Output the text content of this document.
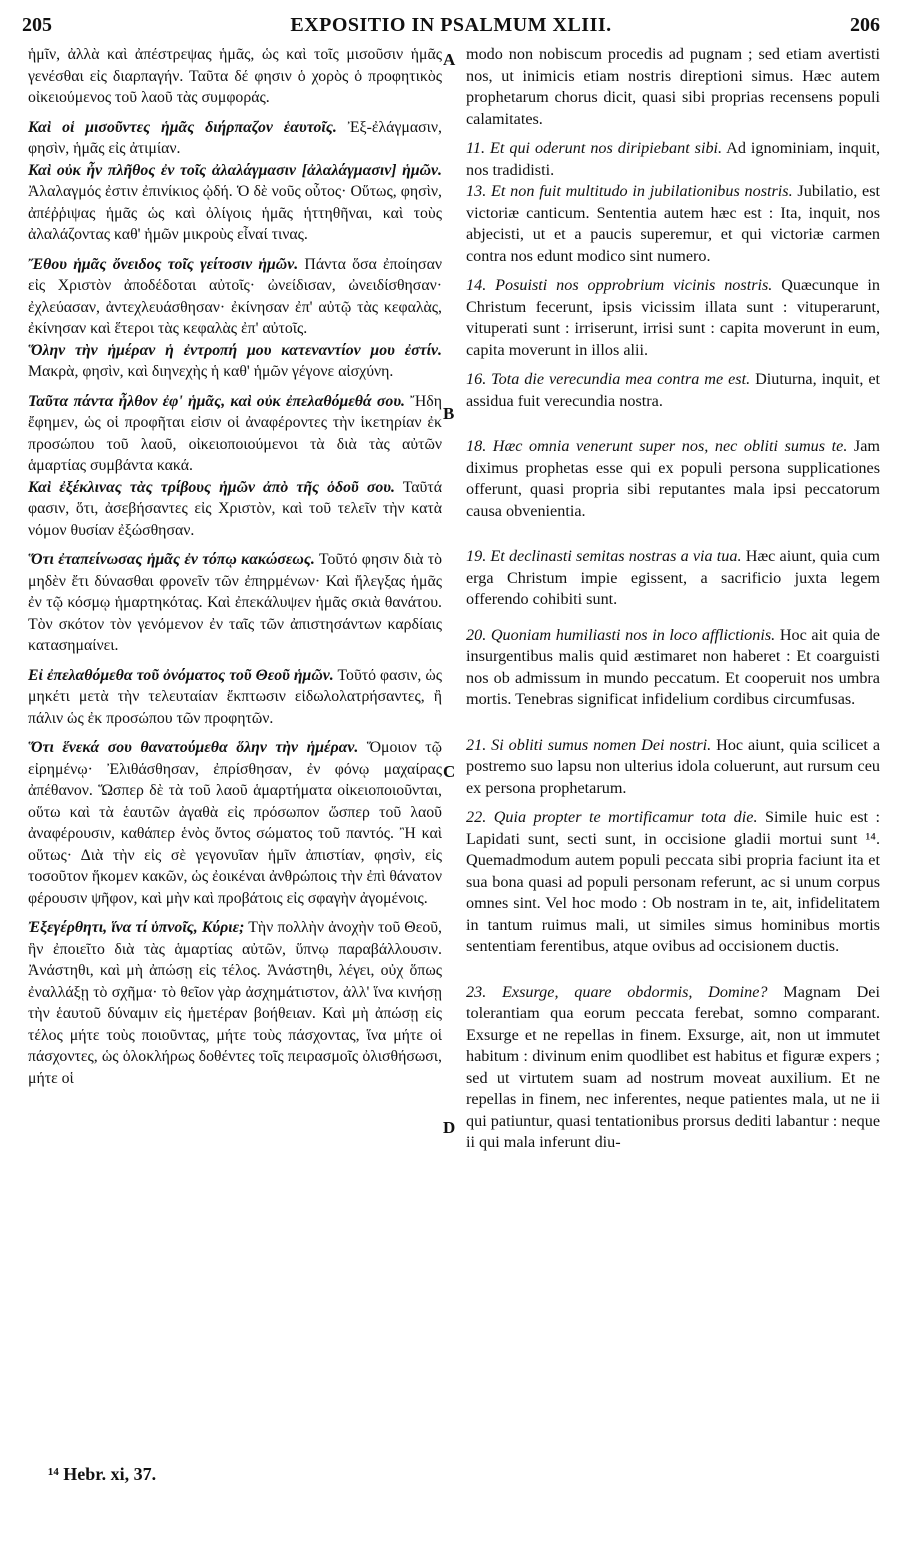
EXPOSITIO IN PSALMUM XLIII.
205	206

ἡμῖν, ἀλλὰ καὶ ἀπέστρεψας ἡμᾶς, ὡς καὶ τοῖς μισοῦσιν ἡμᾶς γενέσθαι εἰς διαρπαγήν. Ταῦτα δέ φησιν ὁ χορὸς ὁ προφητικὸς οἰκειούμενος τοῦ λαοῦ τὰς συμφοράς.

Καὶ οἱ μισοῦντες ἡμᾶς διήρπαζον ἑαυτοῖς. Ἐξ-ἐλάγμασιν, φησὶν, ἡμᾶς εἰς ἀτιμίαν.

Καὶ οὐκ ἦν πλῆθος ἐν τοῖς ἀλαλάγμασιν [ἀλαλάγμασιν] ἡμῶν. Ἀλαλαγμός ἐστιν ἐπινίκιος ᾠδή. Ὁ δὲ νοῦς οὗτος· Οὕτως, φησὶν, ἀπέῤῥιψας ἡμᾶς ὡς καὶ ὀλίγοις ἡμᾶς ἡττηθῆναι, καὶ τοὺς ἀλαλάζοντας καθ' ἡμῶν μικροὺς εἶναί τινας.

Ἔθου ἡμᾶς ὄνειδος τοῖς γείτοσιν ἡμῶν. Πάντα ὅσα ἐποίησαν εἰς Χριστὸν ἀποδέδοται αὐτοῖς· ὠνείδισαν, ὠνειδίσθησαν· ἐχλεύασαν, ἀντεχλευάσθησαν· ἐκίνησαν ἐπ' αὐτῷ τὰς κεφαλὰς, ἐκίνησαν καὶ ἕτεροι τὰς κεφαλὰς ἐπ' αὐτοῖς.

Ὅλην τὴν ἡμέραν ἡ ἐντροπή μου κατεναντίον μου ἐστίν. Μακρὰ, φησὶν, καὶ διηνεχὴς ἡ καθ' ἡμῶν γέγονε αἰσχύνη.

Ταῦτα πάντα ἦλθον ἐφ' ἡμᾶς, καὶ οὐκ ἐπελαθόμεθά σου. Ἤδη ἔφημεν, ὡς οἱ προφῆται εἰσιν οἱ ἀναφέροντες τὴν ἱκετηρίαν ἐκ προσώπου τοῦ λαοῦ, οἰκειοποιούμενοι τὰ διὰ τὰς αὐτῶν ἁμαρτίας συμβάντα κακά.

Καὶ ἐξέκλινας τὰς τρίβους ἡμῶν ἀπὸ τῆς ὁδοῦ σου. Ταῦτά φασιν, ὅτι, ἀσεβήσαντες εἰς Χριστὸν, καὶ τοῦ τελεῖν τὴν κατὰ νόμον θυσίαν ἐξώσθησαν.

Ὅτι ἐταπείνωσας ἡμᾶς ἐν τόπῳ κακώσεως. Τοῦτό φησιν διὰ τὸ μηδὲν ἔτι δύνασθαι φρονεῖν τῶν ἐπηρμένων· Καὶ ἤλεγξας ἡμᾶς ἐν τῷ κόσμῳ ἡμαρτηκότας. Καὶ ἐπεκάλυψεν ἡμᾶς σκιὰ θανάτου. Τὸν σκότον τὸν γενόμενον ἐν ταῖς τῶν ἀπιστησάντων καρδίαις κατασημαίνει.

Εἰ ἐπελαθόμεθα τοῦ ὀνόματος τοῦ Θεοῦ ἡμῶν. Τοῦτό φασιν, ὡς μηκέτι μετὰ τὴν τελευταίαν ἔκπτωσιν εἰδωλολατρήσαντες, ἢ πάλιν ὡς ἐκ προσώπου τῶν προφητῶν.

Ὅτι ἕνεκά σου θανατούμεθα ὅλην τὴν ἡμέραν. Ὅμοιον τῷ εἰρημένῳ· Ἐλιθάσθησαν, ἐπρίσθησαν, ἐν φόνῳ μαχαίρας ἀπέθανον. Ὥσπερ δὲ τὰ τοῦ λαοῦ ἁμαρτήματα οἰκειοποιοῦνται, οὕτω καὶ τὰ ἑαυτῶν ἀγαθὰ εἰς πρόσωπον ὥσπερ τοῦ λαοῦ ἀναφέρουσιν, καθάπερ ἑνὸς ὄντος σώματος τοῦ παντός. Ἢ καὶ οὕτως· Διὰ τὴν εἰς σὲ γεγονυῖαν ἡμῖν ἀπιστίαν, φησὶν, εἰς τοσοῦτον ἥκομεν κακῶν, ὡς ἐοικέναι ἀνθρώποις τὴν ἐπὶ θάνατον φέρουσιν ψῆφον, καὶ μὴν καὶ προβάτοις εἰς σφαγὴν ἀγομένοις.

Ἐξεγέρθητι, ἵνα τί ὑπνοῖς, Κύριε; Τὴν πολλὴν ἀνοχὴν τοῦ Θεοῦ, ἣν ἐποιεῖτο διὰ τὰς ἁμαρτίας αὐτῶν, ὕπνῳ παραβάλλουσιν. Ἀνάστηθι, καὶ μὴ ἀπώσῃ εἰς τέλος. Ἀνάστηθι, λέγει, οὐχ ὅπως ἐναλλάξῃ τὸ σχῆμα· τὸ θεῖον γὰρ ἀσχημάτιστον, ἀλλ' ἵνα κινήσῃ τὴν ἑαυτοῦ δύναμιν εἰς ἡμετέραν βοήθειαν. Καὶ μὴ ἀπώσῃ εἰς τέλος μήτε τοὺς ποιοῦντας, μήτε τοὺς πάσχοντας, ἵνα μήτε οἱ πάσχοντες, ὡς ὁλοκλήρως δοθέντες τοῖς πειρασμοῖς ὀλισθήσωσι, μήτε οἱ

modo non nobiscum procedis ad pugnam ; sed etiam avertisti nos, ut inimicis etiam nostris direptioni simus. Hæc autem prophetarum chorus dicit, quasi sibi proprias recensens populi calamitates.

11. Et qui oderunt nos diripiebant sibi. Ad ignominiam, inquit, nos tradidisti.

13. Et non fuit multitudo in jubilationibus nostris. Jubilatio, est victoriæ canticum. Sententia autem hæc est : Ita, inquit, nos abjecisti, ut et a paucis superemur, et qui victoriæ carmen contra nos edunt modico sint numero.

14. Posuisti nos opprobrium vicinis nostris. Quæcunque in Christum fecerunt, ipsis vicissim illata sunt : vituperarunt, vituperati sunt : irriserunt, irrisi sunt : capita moverunt in eum, capita moverunt in illos alii.

16. Tota die verecundia mea contra me est. Diuturna, inquit, et assidua fuit verecundia nostra.

18. Hæc omnia venerunt super nos, nec obliti sumus te. Jam diximus prophetas esse qui ex populi persona supplicationes offerunt, quasi propria sibi reputantes mala ipsi peccatorum causa obvenientia.

19. Et declinasti semitas nostras a via tua. Hæc aiunt, quia cum erga Christum impie egissent, a sacrificio juxta legem offerendo cohibiti sunt.

20. Quoniam humiliasti nos in loco afflictionis. Hoc ait quia de insurgentibus malis quid æstimaret non haberet : Et coarguisti nos ob admissum in mundo peccatum. Et cooperuit nos umbra mortis. Tenebras significat infidelium cordibus circumfusas.

21. Si obliti sumus nomen Dei nostri. Hoc aiunt, quia scilicet a postremo suo lapsu non ulterius idola coluerunt, aut rursum ceu ex persona prophetarum.

22. Quia propter te mortificamur tota die. Simile huic est : Lapidati sunt, secti sunt, in occisione gladii mortui sunt ¹⁴. Quemadmodum autem populi peccata sibi propria faciunt ita et sua bona quasi ad populi personam referunt, ac si unum corpus omnes sint. Vel hoc modo : Ob nostram in te, ait, infidelitatem in tantum ruimus mali, ut similes simus hominibus mortis sententiam ferentibus, atque ovibus ad occisionem ductis.

23. Exsurge, quare obdormis, Domine? Magnam Dei tolerantiam qua eorum peccata ferebat, somno comparant. Exsurge et ne repellas in finem. Exsurge, ait, non ut immutet habitum : divinum enim quodlibet est habitus et figuræ expers ; sed ut virtutem suam ad nostrum moveat auxilium. Et ne repellas in finem, nec inferentes, neque patientes mala, ut ne ii qui patiuntur, quasi tentationibus prorsus dediti labantur : neque ii qui mala inferunt diu-

A
B
C
D
¹⁴ Hebr. xi, 37.
